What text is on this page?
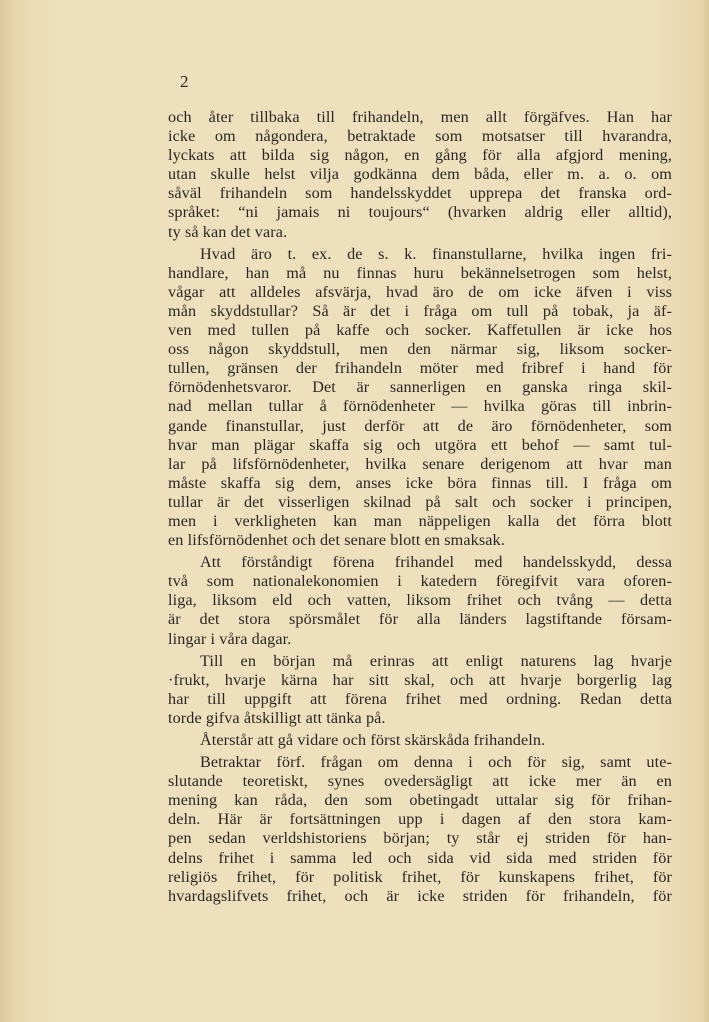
2
och åter tillbaka till frihandeln, men allt förgäfves. Han har
icke om någondera, betraktade som motsatser till hvarandra,
lyckats att bilda sig någon, en gång för alla afgjord mening,
utan skulle helst vilja godkänna dem båda, eller m. a. o. om
såväl frihandeln som handelsskyddet upprepa det franska ord-
språket: “ni jamais ni toujours“ (hvarken aldrig eller alltid),
ty så kan det vara.
Hvad äro t. ex. de s. k. finanstullarne, hvilka ingen fri-
handlare, han må nu finnas huru bekännelsetrogen som helst,
vågar att alldeles afsvärja, hvad äro de om icke äfven i viss
mån skyddstullar? Så är det i fråga om tull på tobak, ja äf-
ven med tullen på kaffe och socker. Kaffetullen är icke hos
oss någon skyddstull, men den närmar sig, liksom socker-
tullen, gränsen der frihandeln möter med fribref i hand för
förnödenhetsvaror. Det är sannerligen en ganska ringa skil-
nad mellan tullar å förnödenheter — hvilka göras till inbrin-
gande finanstullar, just derför att de äro förnödenheter, som
hvar man plägar skaffa sig och utgöra ett behof — samt tul-
lar på lifsförnödenheter, hvilka senare derigenom att hvar man
måste skaffa sig dem, anses icke böra finnas till. I fråga om
tullar är det visserligen skilnad på salt och socker i principen,
men i verkligheten kan man näppeligen kalla det förra blott
en lifsförnödenhet och det senare blott en smaksak.
Att förståndigt förena frihandel med handelsskydd, dessa
två som nationalekonomien i katedern föregifvit vara oforen-
liga, liksom eld och vatten, liksom frihet och tvång — detta
är det stora spörsmålet för alla länders lagstiftande försam-
lingar i våra dagar.
Till en början må erinras att enligt naturens lag hvarje
·frukt, hvarje kärna har sitt skal, och att hvarje borgerlig lag
har till uppgift att förena frihet med ordning. Redan detta
torde gifva åtskilligt att tänka på.
Återstår att gå vidare och först skärskåda frihandeln.
Betraktar förf. frågan om denna i och för sig, samt ute-
slutande teoretiskt, synes ovedersägligt att icke mer än en
mening kan råda, den som obetingadt uttalar sig för frihan-
deln. Här är fortsättningen upp i dagen af den stora kam-
pen sedan verldshistoriens början; ty står ej striden för han-
delns frihet i samma led och sida vid sida med striden för
religiös frihet, för politisk frihet, för kunskapens frihet, för
hvardagslifvets frihet, och är icke striden för frihandeln, för
